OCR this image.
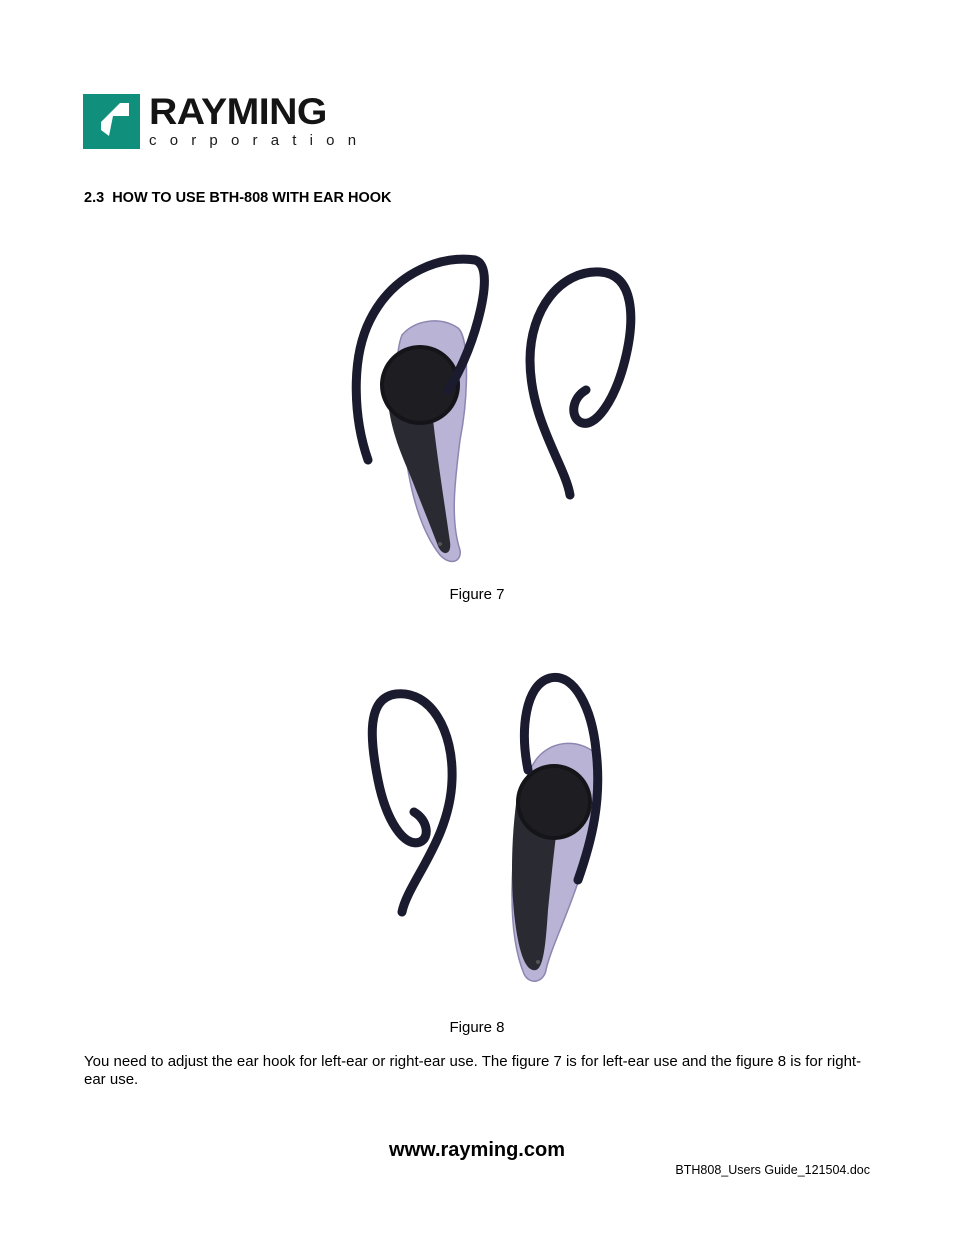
RAYMING
corporation
2.3  HOW TO USE BTH-808 WITH EAR HOOK
Figure 7
Figure 8
You need to adjust the ear hook for left-ear or right-ear use. The figure 7 is for left-ear use and the figure 8 is for right-ear use.
www.rayming.com
BTH808_Users Guide_121504.doc
